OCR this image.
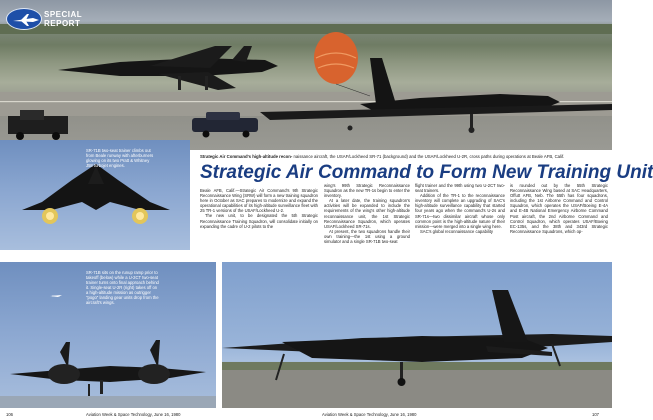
SPECIAL REPORT
SR-71B two-seat trainer climbs out from Beale runway with afterburners glowing on its two Pratt & Whitney J58 turbojet engines.
SR-71B sits on the runup ramp prior to takeoff (below) while a U-2CT two-seat trainer turns onto final approach behind it. Single-seat U-2R (right) takes off on a high-altitude mission as outrigger "pogo" landing gear units drop from the aircraft's wings.
Strategic Air Command's high-altitude recon- naissance aircraft, the USAF/Lockheed SR-71 (background) and the USAF/Lockheed U-2R, cross paths during operations at Beale AFB, Calif.
Strategic Air Command to Form New Training Unit

Beale AFB, Calif.—Strategic Air Command's 9th Strategic Reconnaissance Wing (SRW) will form a new training squadron here in October as SAC prepares to modernize and expand the operational capabilities of its high-altitude surveillance fleet with 25 TR-1 versions of the USAF/Lockheed U-2.

The new unit, to be designated the 5th Strategic Reconnaissance Training Squadron, will consolidate initially on expanding the cadre of U-2 pilots to the

wing's 99th Strategic Reconnaissance Squadron as the new TR-1s begin to enter the inventory.

At a later date, the training squadron's activities will be expanded to include the requirements of the wing's other high-altitude reconnaissance unit, the 1st Strategic Reconnaissance Squadron, which operates USAF/Lockheed SR-71s.

At present, the two squadrons handle their own training—the 1st using a ground simulator and a single SR-71B two-seat

flight trainer and the 99th using two U-2CT two-seat trainers.

Addition of the TR-1 to the reconnaissance inventory will complete an upgrading of SAC's high-altitude surveillance capability that started four years ago when the command's U-2s and SR-71s—two dissimilar aircraft whose only common point is the high-altitude nature of their mission—were merged into a single wing here.

SAC's global reconnaissance capability

is rounded out by the 55th Strategic Reconnaissance Wing based at SAC Headquarters, Offutt AFB, Neb. The 55th has four squadrons, including the 1st Airborne Command and Control Squadron, which operates the USAF/Boeing E-4A and E-4B National Emergency Airborne Command Post aircraft, the 2nd Airborne Command and Control Squadron, which operates USAF/Boeing EC-135s, and the 38th and 343rd Strategic Reconnaissance Squadrons, which op-

106	Aviation Week & Space Technology, June 16, 1980	Aviation Week & Space Technology, June 16, 1980	107
